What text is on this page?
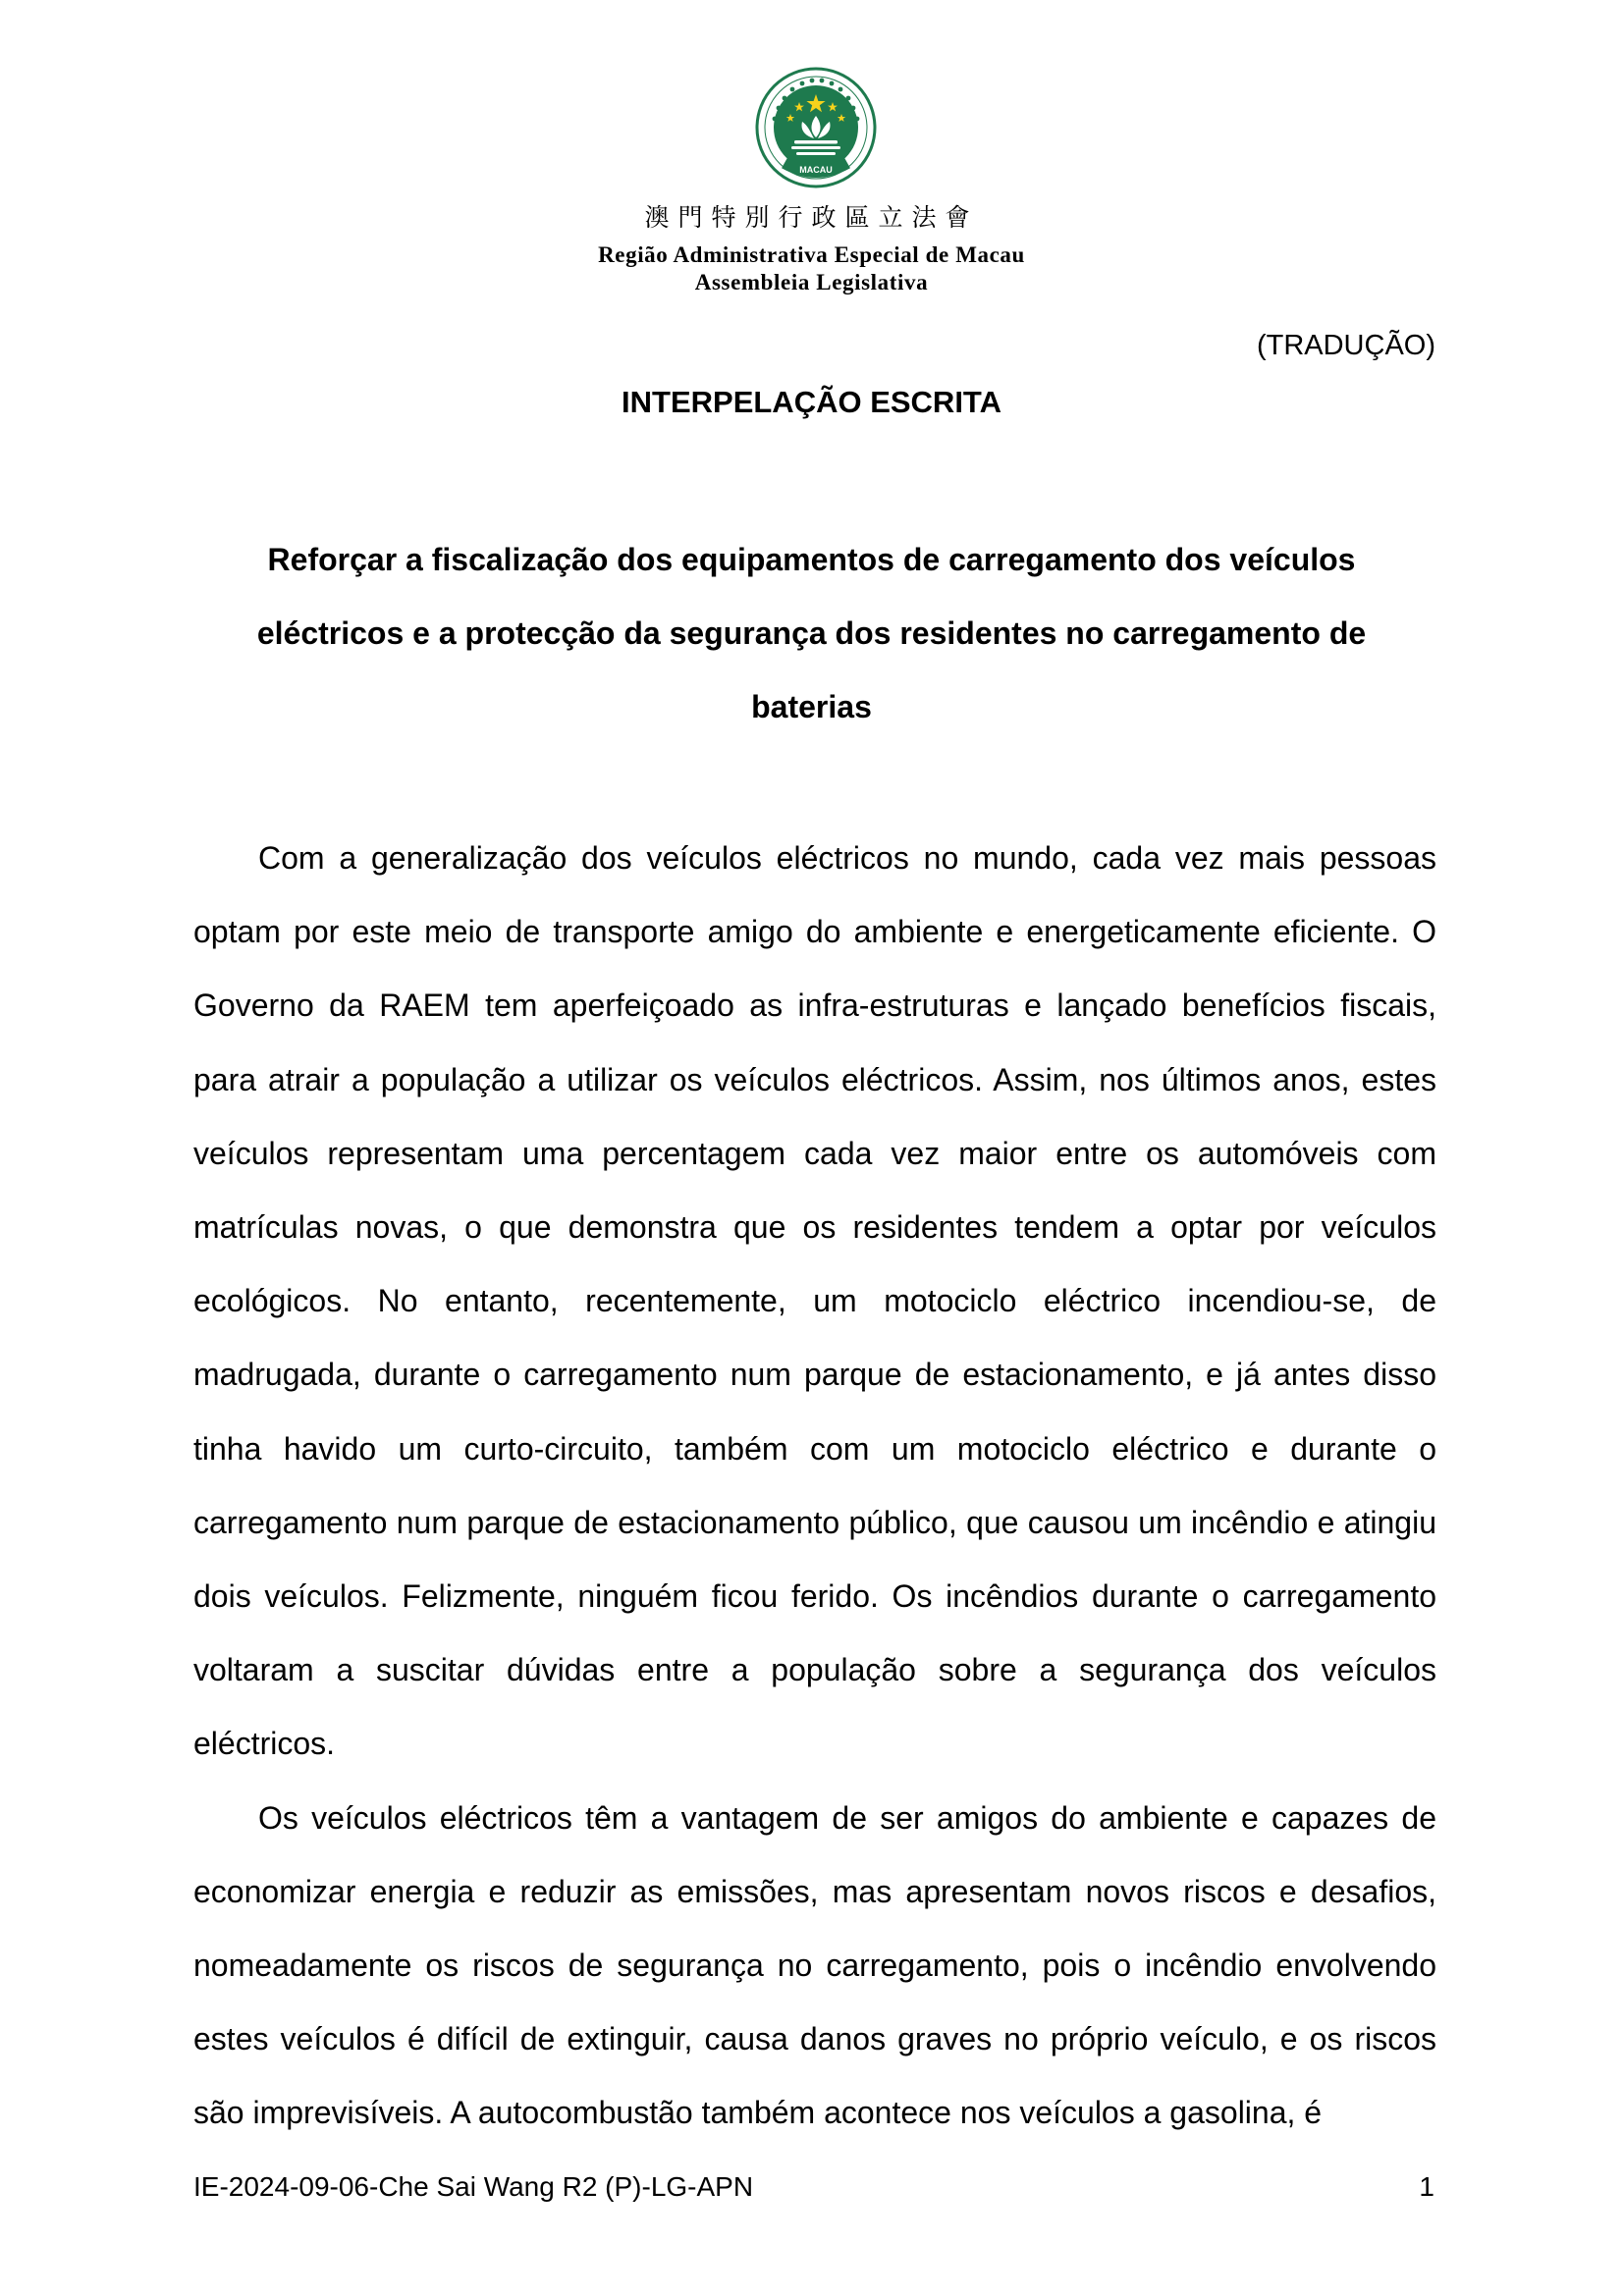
MACAU
澳門特別行政區立法會
Região Administrativa Especial de Macau
Assembleia Legislativa
(TRADUÇÃO)
INTERPELAÇÃO ESCRITA
Reforçar a fiscalização dos equipamentos de carregamento dos veículos
eléctricos e a protecção da segurança dos residentes no carregamento de
baterias

Com a generalização dos veículos eléctricos no mundo, cada vez mais pessoas optam por este meio de transporte amigo do ambiente e energeticamente eficiente. O Governo da RAEM tem aperfeiçoado as infra-estruturas e lançado benefícios fiscais, para atrair a população a utilizar os veículos eléctricos. Assim, nos últimos anos, estes veículos representam uma percentagem cada vez maior entre os automóveis com matrículas novas, o que demonstra que os residentes tendem a optar por veículos ecológicos. No entanto, recentemente, um motociclo eléctrico incendiou-se, de madrugada, durante o carregamento num parque de estacionamento, e já antes disso tinha havido um curto-circuito, também com um motociclo eléctrico e durante o carregamento num parque de estacionamento público, que causou um incêndio e atingiu dois veículos. Felizmente, ninguém ficou ferido. Os incêndios durante o carregamento voltaram a suscitar dúvidas entre a população sobre a segurança dos veículos eléctricos.

Os veículos eléctricos têm a vantagem de ser amigos do ambiente e capazes de economizar energia e reduzir as emissões, mas apresentam novos riscos e desafios, nomeadamente os riscos de segurança no carregamento, pois o incêndio envolvendo estes veículos é difícil de extinguir, causa danos graves no próprio veículo, e os riscos são imprevisíveis. A autocombustão também acontece nos veículos a gasolina, é

IE-2024-09-06-Che Sai Wang R2 (P)-LG-APN	1
